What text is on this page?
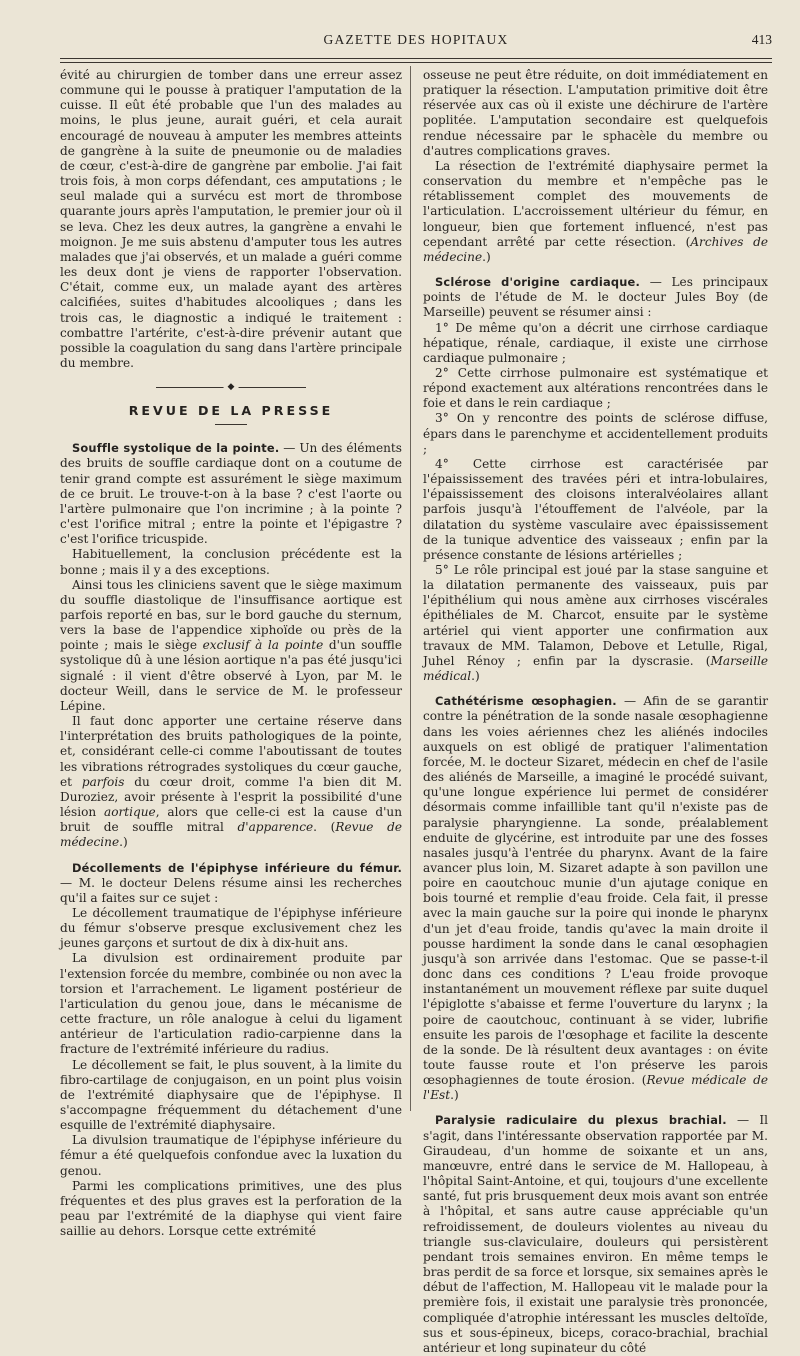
GAZETTE DES HOPITAUX	413

évité au chirurgien de tomber dans une erreur assez commune qui le pousse à pratiquer l'amputation de la cuisse. Il eût été probable que l'un des malades au moins, le plus jeune, aurait guéri, et cela aurait encouragé de nouveau à amputer les membres atteints de gangrène à la suite de pneumonie ou de maladies de cœur, c'est-à-dire de gangrène par embolie. J'ai fait trois fois, à mon corps défendant, ces amputations ; le seul malade qui a survécu est mort de thrombose quarante jours après l'amputation, le premier jour où il se leva. Chez les deux autres, la gangrène a envahi le moignon. Je me suis abstenu d'amputer tous les autres malades que j'ai observés, et un malade a guéri comme les deux dont je viens de rapporter l'observation. C'était, comme eux, un malade ayant des artères calcifiées, suites d'habitudes alcooliques ; dans les trois cas, le diagnostic a indiqué le traitement : combattre l'artérite, c'est-à-dire prévenir autant que possible la coagulation du sang dans l'artère principale du membre.

◆
REVUE DE LA PRESSE

Souffle systolique de la pointe. — Un des éléments des bruits de souffle cardiaque dont on a coutume de tenir grand compte est assurément le siège maximum de ce bruit. Le trouve-t-on à la base ? c'est l'aorte ou l'artère pulmonaire que l'on incrimine ; à la pointe ? c'est l'orifice mitral ; entre la pointe et l'épigastre ? c'est l'orifice tricuspide.

Habituellement, la conclusion précédente est la bonne ; mais il y a des exceptions.

Ainsi tous les cliniciens savent que le siège maximum du souffle diastolique de l'insuffisance aortique est parfois reporté en bas, sur le bord gauche du sternum, vers la base de l'appendice xiphoïde ou près de la pointe ; mais le siège exclusif à la pointe d'un souffle systolique dû à une lésion aortique n'a pas été jusqu'ici signalé : il vient d'être observé à Lyon, par M. le docteur Weill, dans le service de M. le professeur Lépine.

Il faut donc apporter une certaine réserve dans l'interprétation des bruits pathologiques de la pointe, et, considérant celle-ci comme l'aboutissant de toutes les vibrations rétrogrades systoliques du cœur gauche, et parfois du cœur droit, comme l'a bien dit M. Duroziez, avoir présente à l'esprit la possibilité d'une lésion aortique, alors que celle-ci est la cause d'un bruit de souffle mitral d'apparence. (Revue de médecine.)

Décollements de l'épiphyse inférieure du fémur. — M. le docteur Delens résume ainsi les recherches qu'il a faites sur ce sujet :

Le décollement traumatique de l'épiphyse inférieure du fémur s'observe presque exclusivement chez les jeunes garçons et surtout de dix à dix-huit ans.

La divulsion est ordinairement produite par l'extension forcée du membre, combinée ou non avec la torsion et l'arrachement. Le ligament postérieur de l'articulation du genou joue, dans le mécanisme de cette fracture, un rôle analogue à celui du ligament antérieur de l'articulation radio-carpienne dans la fracture de l'extrémité inférieure du radius.

Le décollement se fait, le plus souvent, à la limite du fibro-cartilage de conjugaison, en un point plus voisin de l'extrémité diaphysaire que de l'épiphyse. Il s'accompagne fréquemment du détachement d'une esquille de l'extrémité diaphysaire.

La divulsion traumatique de l'épiphyse inférieure du fémur a été quelquefois confondue avec la luxation du genou.

Parmi les complications primitives, une des plus fréquentes et des plus graves est la perforation de la peau par l'extrémité de la diaphyse qui vient faire saillie au dehors. Lorsque cette extrémité

osseuse ne peut être réduite, on doit immédiatement en pratiquer la résection. L'amputation primitive doit être réservée aux cas où il existe une déchirure de l'artère poplitée. L'amputation secondaire est quelquefois rendue nécessaire par le sphacèle du membre ou d'autres complications graves.

La résection de l'extrémité diaphysaire permet la conservation du membre et n'empêche pas le rétablissement complet des mouvements de l'articulation. L'accroissement ultérieur du fémur, en longueur, bien que fortement influencé, n'est pas cependant arrêté par cette résection. (Archives de médecine.)

Sclérose d'origine cardiaque. — Les principaux points de l'étude de M. le docteur Jules Boy (de Marseille) peuvent se résumer ainsi :

1° De même qu'on a décrit une cirrhose cardiaque hépatique, rénale, cardiaque, il existe une cirrhose cardiaque pulmonaire ;

2° Cette cirrhose pulmonaire est systématique et répond exactement aux altérations rencontrées dans le foie et dans le rein cardiaque ;

3° On y rencontre des points de sclérose diffuse, épars dans le parenchyme et accidentellement produits ;

4° Cette cirrhose est caractérisée par l'épaississement des travées péri et intra-lobulaires, l'épaississement des cloisons interalvéolaires allant parfois jusqu'à l'étouffement de l'alvéole, par la dilatation du système vasculaire avec épaississement de la tunique adventice des vaisseaux ; enfin par la présence constante de lésions artérielles ;

5° Le rôle principal est joué par la stase sanguine et la dilatation permanente des vaisseaux, puis par l'épithélium qui nous amène aux cirrhoses viscérales épithéliales de M. Charcot, ensuite par le système artériel qui vient apporter une confirmation aux travaux de MM. Talamon, Debove et Letulle, Rigal, Juhel Rénoy ; enfin par la dyscrasie. (Marseille médical.)

Cathétérisme œsophagien. — Afin de se garantir contre la pénétration de la sonde nasale œsophagienne dans les voies aériennes chez les aliénés indociles auxquels on est obligé de pratiquer l'alimentation forcée, M. le docteur Sizaret, médecin en chef de l'asile des aliénés de Marseille, a imaginé le procédé suivant, qu'une longue expérience lui permet de considérer désormais comme infaillible tant qu'il n'existe pas de paralysie pharyngienne. La sonde, préalablement enduite de glycérine, est introduite par une des fosses nasales jusqu'à l'entrée du pharynx. Avant de la faire avancer plus loin, M. Sizaret adapte à son pavillon une poire en caoutchouc munie d'un ajutage conique en bois tourné et remplie d'eau froide. Cela fait, il presse avec la main gauche sur la poire qui inonde le pharynx d'un jet d'eau froide, tandis qu'avec la main droite il pousse hardiment la sonde dans le canal œsophagien jusqu'à son arrivée dans l'estomac. Que se passe-t-il donc dans ces conditions ? L'eau froide provoque instantanément un mouvement réflexe par suite duquel l'épiglotte s'abaisse et ferme l'ouverture du larynx ; la poire de caoutchouc, continuant à se vider, lubrifie ensuite les parois de l'œsophage et facilite la descente de la sonde. De là résultent deux avantages : on évite toute fausse route et l'on préserve les parois œsophagiennes de toute érosion. (Revue médicale de l'Est.)

Paralysie radiculaire du plexus brachial. — Il s'agit, dans l'intéressante observation rapportée par M. Giraudeau, d'un homme de soixante et un ans, manœuvre, entré dans le service de M. Hallopeau, à l'hôpital Saint-Antoine, et qui, toujours d'une excellente santé, fut pris brusquement deux mois avant son entrée à l'hôpital, et sans autre cause appréciable qu'un refroidissement, de douleurs violentes au niveau du triangle sus-claviculaire, douleurs qui persistèrent pendant trois semaines environ. En même temps le bras perdit de sa force et lorsque, six semaines après le début de l'affection, M. Hallopeau vit le malade pour la première fois, il existait une paralysie très prononcée, compliquée d'atrophie intéressant les muscles deltoïde, sus et sous-épineux, biceps, coraco-brachial, brachial antérieur et long supinateur du côté
